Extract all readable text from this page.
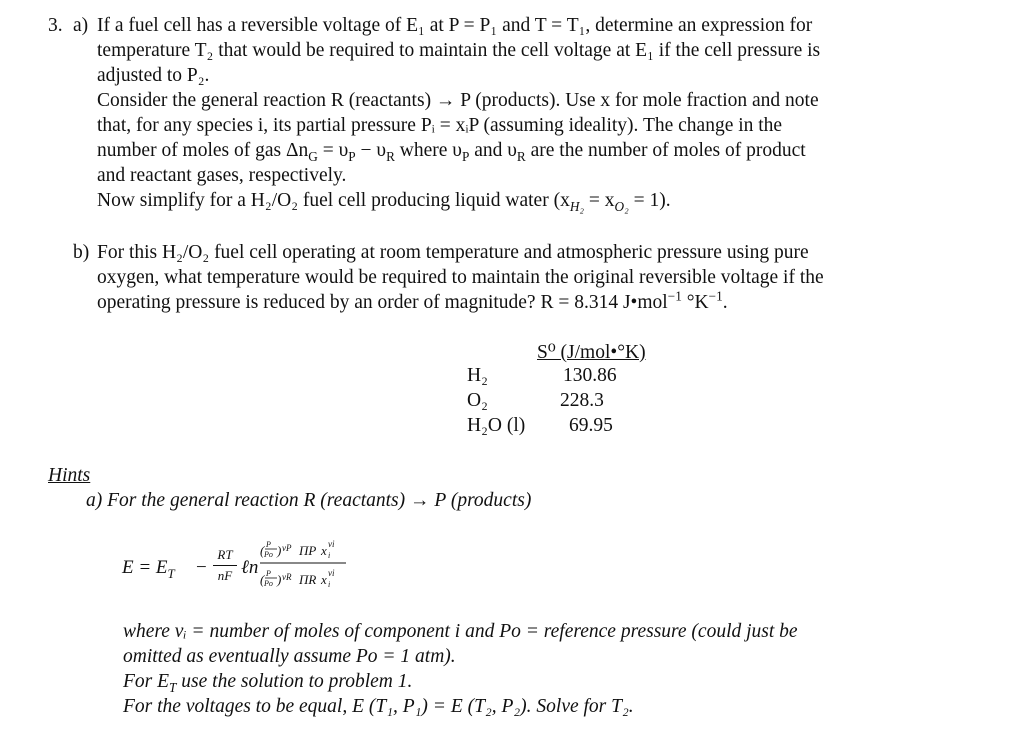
3. a) If a fuel cell has a reversible voltage of E₁ at P = P₁ and T = T₁, determine an expression for
temperature T₂ that would be required to maintain the cell voltage at E₁ if the cell pressure is
adjusted to P₂.
Consider the general reaction R (reactants) → P (products). Use x for mole fraction and note
that, for any species i, its partial pressure Pᵢ = xᵢP (assuming ideality). The change in the
number of moles of gas $\Delta n_G = \upsilon_P - \upsilon_R$ where $\upsilon_P$ and $\upsilon_R$ are the number of moles of product
and reactant gases, respectively.
Now simplify for a H₂/O₂ fuel cell producing liquid water $(x_{H_2} = x_{O_2} = 1)$.
b) For this H₂/O₂ fuel cell operating at room temperature and atmospheric pressure using pure
oxygen, what temperature would be required to maintain the original reversible voltage if the
operating pressure is reduced by an order of magnitude? R = 8.314 J•mol$^{-1}$ $^\circ K^{-1}$.
S⁰ (J/mol•°K)
H₂	130.86
O₂	228.3
H₂O (l) 69.95
Hints
a) For the general reaction R (reactants) → P (products)
$E = E_T$ −
RT
nF ℓn
( P
Po ) νP ΠP x νi
i
( P
Po ) νR ΠR x νi
i
where vᵢ = number of moles of component i and Po = reference pressure (could just be
omitted as eventually assume Po = 1 atm).
For $E_T$ use the solution to problem 1.
For the voltages to be equal, E (T₁, P₁) = E (T₂, P₂). Solve for T₂.
